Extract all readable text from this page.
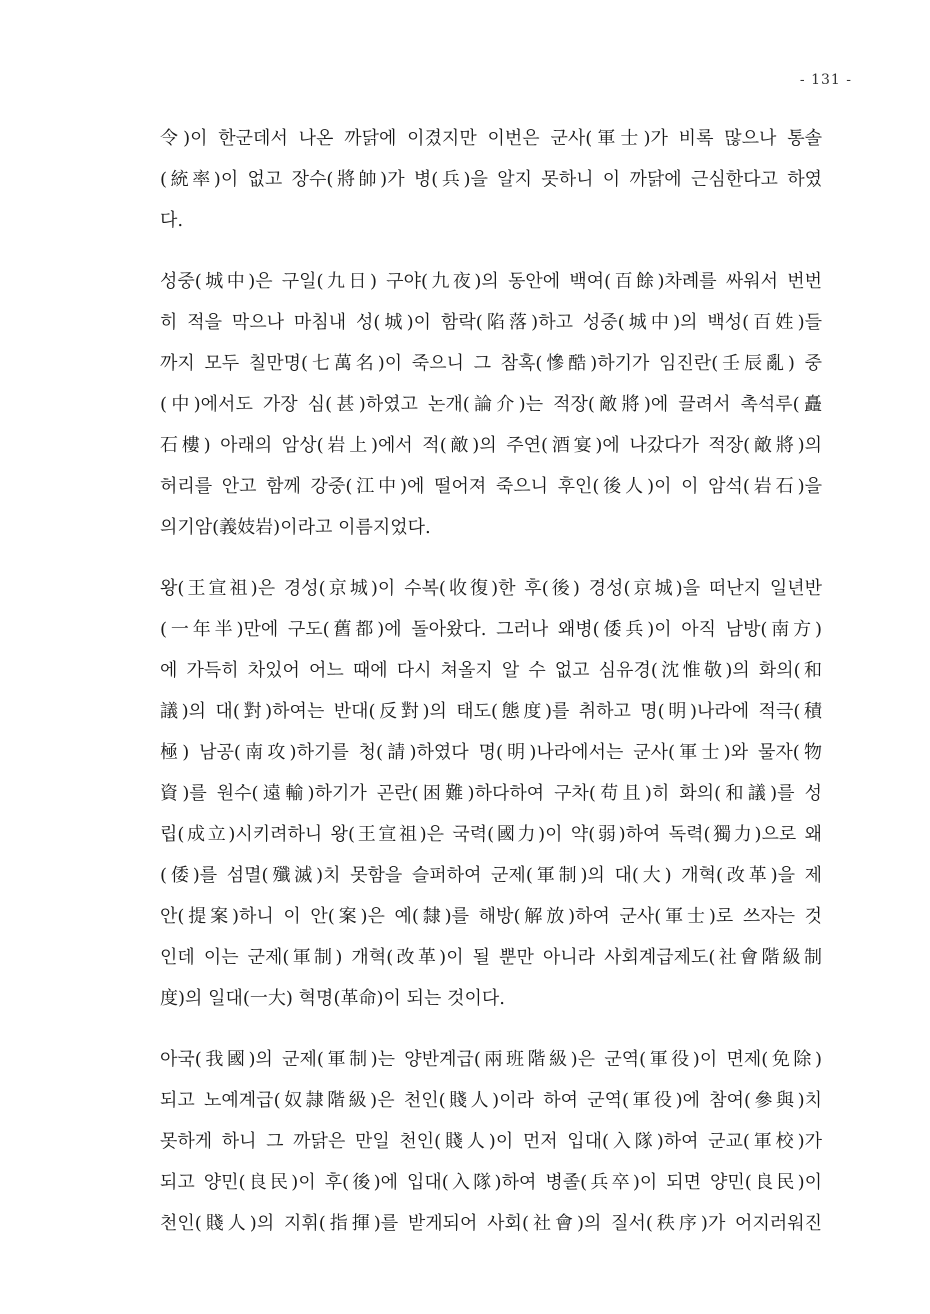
- 131 -
令)이 한군데서 나온 까닭에 이겼지만 이번은 군사(軍士)가 비록 많으나 통솔
(統率)이 없고 장수(將帥)가 병(兵)을 알지 못하니 이 까닭에 근심한다고 하였
다.
성중(城中)은 구일(九日) 구야(九夜)의 동안에 백여(百餘)차례를 싸워서 번번
히 적을 막으나 마침내 성(城)이 함락(陷落)하고 성중(城中)의 백성(百姓)들
까지 모두 칠만명(七萬名)이 죽으니 그 참혹(慘酷)하기가 임진란(壬辰亂) 중
(中)에서도 가장 심(甚)하였고 논개(論介)는 적장(敵將)에 끌려서 촉석루(矗
石樓) 아래의 암상(岩上)에서 적(敵)의 주연(酒宴)에 나갔다가 적장(敵將)의
허리를 안고 함께 강중(江中)에 떨어져 죽으니 후인(後人)이 이 암석(岩石)을
의기암(義妓岩)이라고 이름지었다.
왕(王宣祖)은 경성(京城)이 수복(收復)한 후(後) 경성(京城)을 떠난지 일년반
(一年半)만에 구도(舊都)에 돌아왔다. 그러나 왜병(倭兵)이 아직 남방(南方)
에 가득히 차있어 어느 때에 다시 쳐올지 알 수 없고 심유경(沈惟敬)의 화의(和
議)의 대(對)하여는 반대(反對)의 태도(態度)를 취하고 명(明)나라에 적극(積
極) 남공(南攻)하기를 청(請)하였다 명(明)나라에서는 군사(軍士)와 물자(物
資)를 원수(遠輸)하기가 곤란(困難)하다하여 구차(苟且)히 화의(和議)를 성
립(成立)시키려하니 왕(王宣祖)은 국력(國力)이 약(弱)하여 독력(獨力)으로 왜
(倭)를 섬멸(殲滅)치 못함을 슬퍼하여 군제(軍制)의 대(大) 개혁(改革)을 제
안(提案)하니 이 안(案)은 예(隸)를 해방(解放)하여 군사(軍士)로 쓰자는 것
인데 이는 군제(軍制) 개혁(改革)이 될 뿐만 아니라 사회계급제도(社會階級制
度)의 일대(一大) 혁명(革命)이 되는 것이다.
아국(我國)의 군제(軍制)는 양반계급(兩班階級)은 군역(軍役)이 면제(免除)
되고 노예계급(奴隷階級)은 천인(賤人)이라 하여 군역(軍役)에 참여(參與)치
못하게 하니 그 까닭은 만일 천인(賤人)이 먼저 입대(入隊)하여 군교(軍校)가
되고 양민(良民)이 후(後)에 입대(入隊)하여 병졸(兵卒)이 되면 양민(良民)이
천인(賤人)의 지휘(指揮)를 받게되어 사회(社會)의 질서(秩序)가 어지러워진
